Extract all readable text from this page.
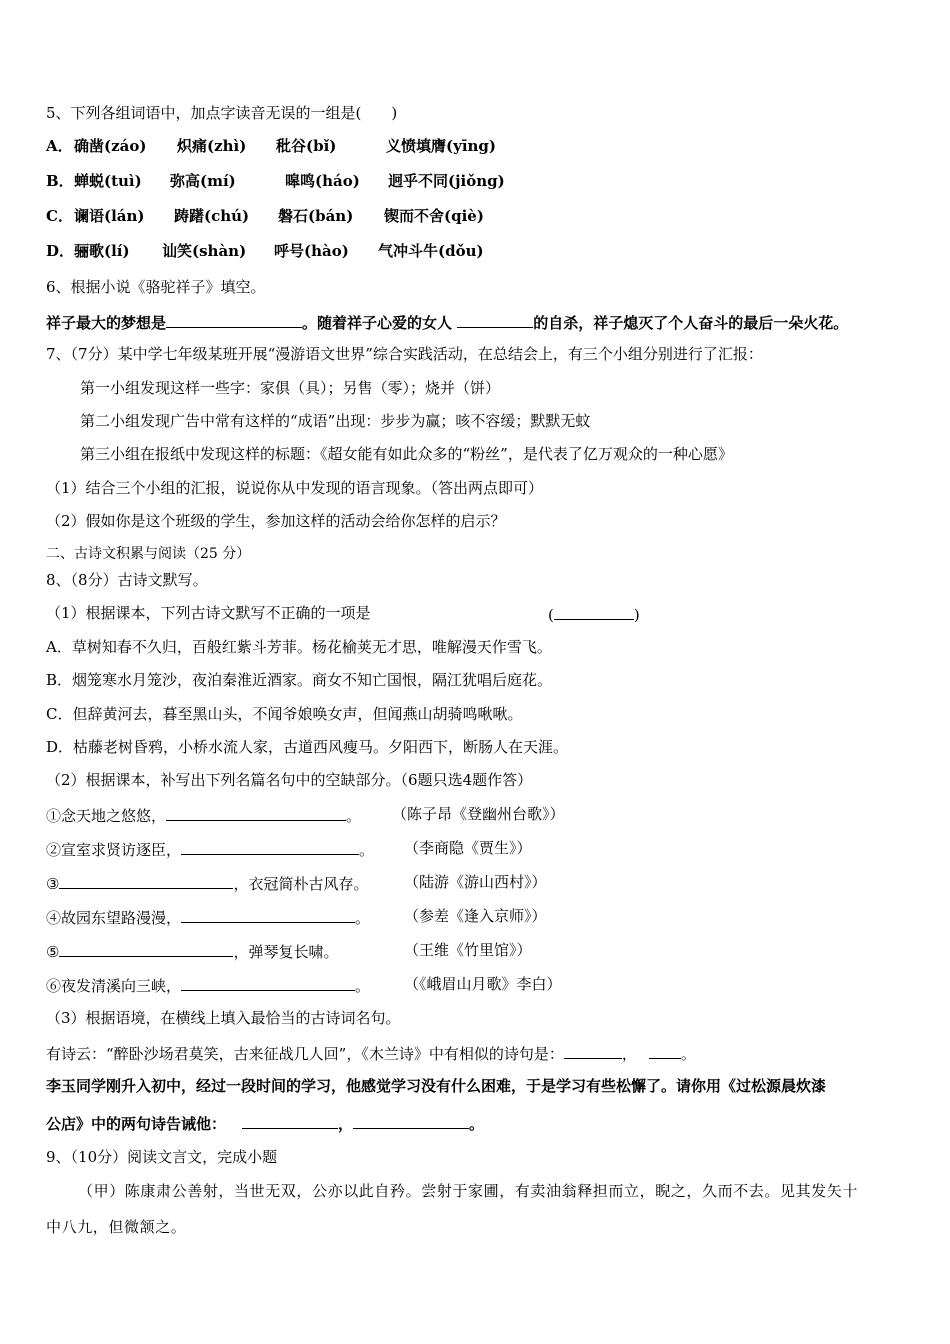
5、下列各组词语中，加点字读音无误的一组是(　　)
A． 确凿(záo) 炽痛(zhì) 秕谷(bǐ)	义愤填膺(yīng)
B． 蝉蜕(tuì) 弥高(mí)	嗥鸣(háo) 迥乎不同(jiǒng)
C． 谰语(lán) 踌躇(chú) 磐石(bán) 锲而不舍(qiè)
D． 骊歌(lí) 讪笑(shàn) 呼号(hào) 气冲斗牛(dǒu)
6、根据小说《骆驼祥子》填空。
祥子最大的梦想是	。随着祥子心爱的女人	的自杀，祥子熄灭了个人奋斗的最后一朵火花。
7、（7分）某中学七年级某班开展“漫游语文世界”综合实践活动，在总结会上，有三个小组分别进行了汇报：
第一小组发现这样一些字：家俱（具）；另售（零）；烧并（饼）
第二小组发现广告中常有这样的“成语”出现：步步为赢；咳不容缓；默默无蚊
第三小组在报纸中发现这样的标题：《超女能有如此众多的“粉丝”，是代表了亿万观众的一种心愿》
（1）结合三个小组的汇报，说说你从中发现的语言现象。（答出两点即可）
（2）假如你是这个班级的学生，参加这样的活动会给你怎样的启示？
二、古诗文积累与阅读（25 分）
8、（8分）古诗文默写。
（1）根据课本，下列古诗文默写不正确的一项是	(	)
A．草树知春不久归，百般红紫斗芳菲。杨花榆荚无才思，唯解漫天作雪飞。
B．烟笼寒水月笼沙，夜泊秦淮近酒家。商女不知亡国恨，隔江犹唱后庭花。
C．但辞黄河去，暮至黑山头，不闻爷娘唤女声，但闻燕山胡骑鸣啾啾。
D．枯藤老树昏鸦，小桥水流人家，古道西风瘦马。夕阳西下，断肠人在天涯。
（2）根据课本，补写出下列名篇名句中的空缺部分。（6题只选4题作答）
①念天地之悠悠，	。 （陈子昂《登幽州台歌》）
②宣室求贤访逐臣，	。 （李商隐《贾生》）
③	，衣冠简朴古风存。 （陆游《游山西村》）
④故园东望路漫漫，	。 （参差《逢入京师》）
⑤	，弹琴复长啸。	（王维《竹里馆》）
⑥夜发清溪向三峡，	。 （《峨眉山月歌》李白）
（3）根据语境，在横线上填入最恰当的古诗词名句。
有诗云：“醉卧沙场君莫笑，古来征战几人回”，《木兰诗》中有相似的诗句是：	，	。
李玉同学刚升入初中，经过一段时间的学习，他感觉学习没有什么困难，于是学习有些松懈了。请你用《过松源晨炊漆
公店》中的两句诗告诫他：	，	。
9、（10分）阅读文言文，完成小题
（甲）陈康肃公善射，当世无双，公亦以此自矜。尝射于家圃，有卖油翁释担而立，睨之，久而不去。见其发矢十
中八九，但微颔之。
